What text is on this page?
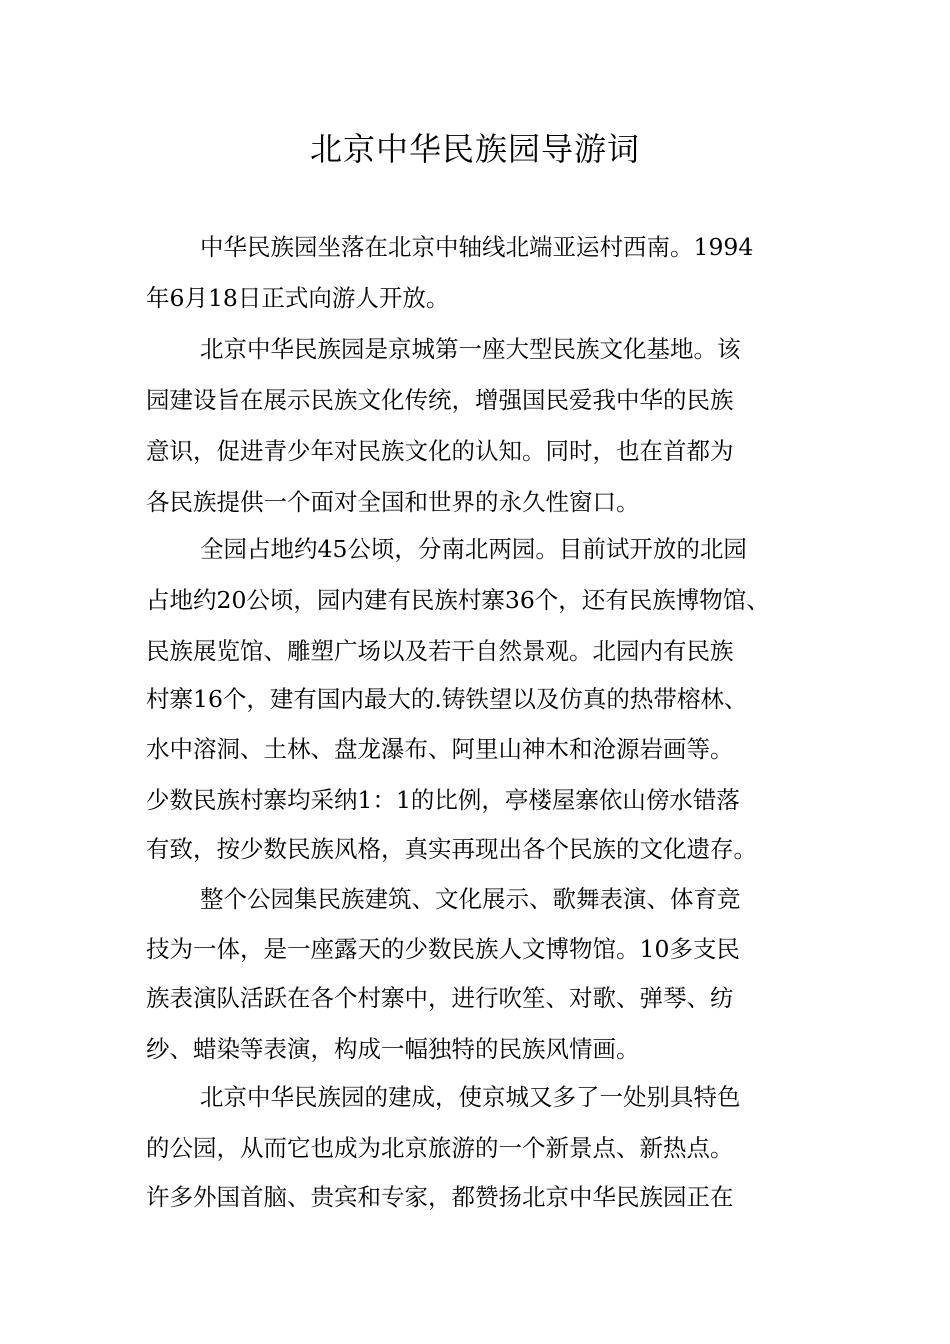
北京中华民族园导游词

中华民族园坐落在北京中轴线北端亚运村西南。1994

年6月18日正式向游人开放。

北京中华民族园是京城第一座大型民族文化基地。该

园建设旨在展示民族文化传统，增强国民爱我中华的民族

意识，促进青少年对民族文化的认知。同时，也在首都为

各民族提供一个面对全国和世界的永久性窗口。

全园占地约45公顷，分南北两园。目前试开放的北园

占地约20公顷，园内建有民族村寨36个，还有民族博物馆、

民族展览馆、雕塑广场以及若干自然景观。北园内有民族

村寨16个，建有国内最大的.铸铁望以及仿真的热带榕林、

水中溶洞、土林、盘龙瀑布、阿里山神木和沧源岩画等。

少数民族村寨均采纳1：1的比例，亭楼屋寨依山傍水错落

有致，按少数民族风格，真实再现出各个民族的文化遗存。

整个公园集民族建筑、文化展示、歌舞表演、体育竞

技为一体，是一座露天的少数民族人文博物馆。10多支民

族表演队活跃在各个村寨中，进行吹笙、对歌、弹琴、纺

纱、蜡染等表演，构成一幅独特的民族风情画。

北京中华民族园的建成，使京城又多了一处别具特色

的公园，从而它也成为北京旅游的一个新景点、新热点。

许多外国首脑、贵宾和专家，都赞扬北京中华民族园正在
